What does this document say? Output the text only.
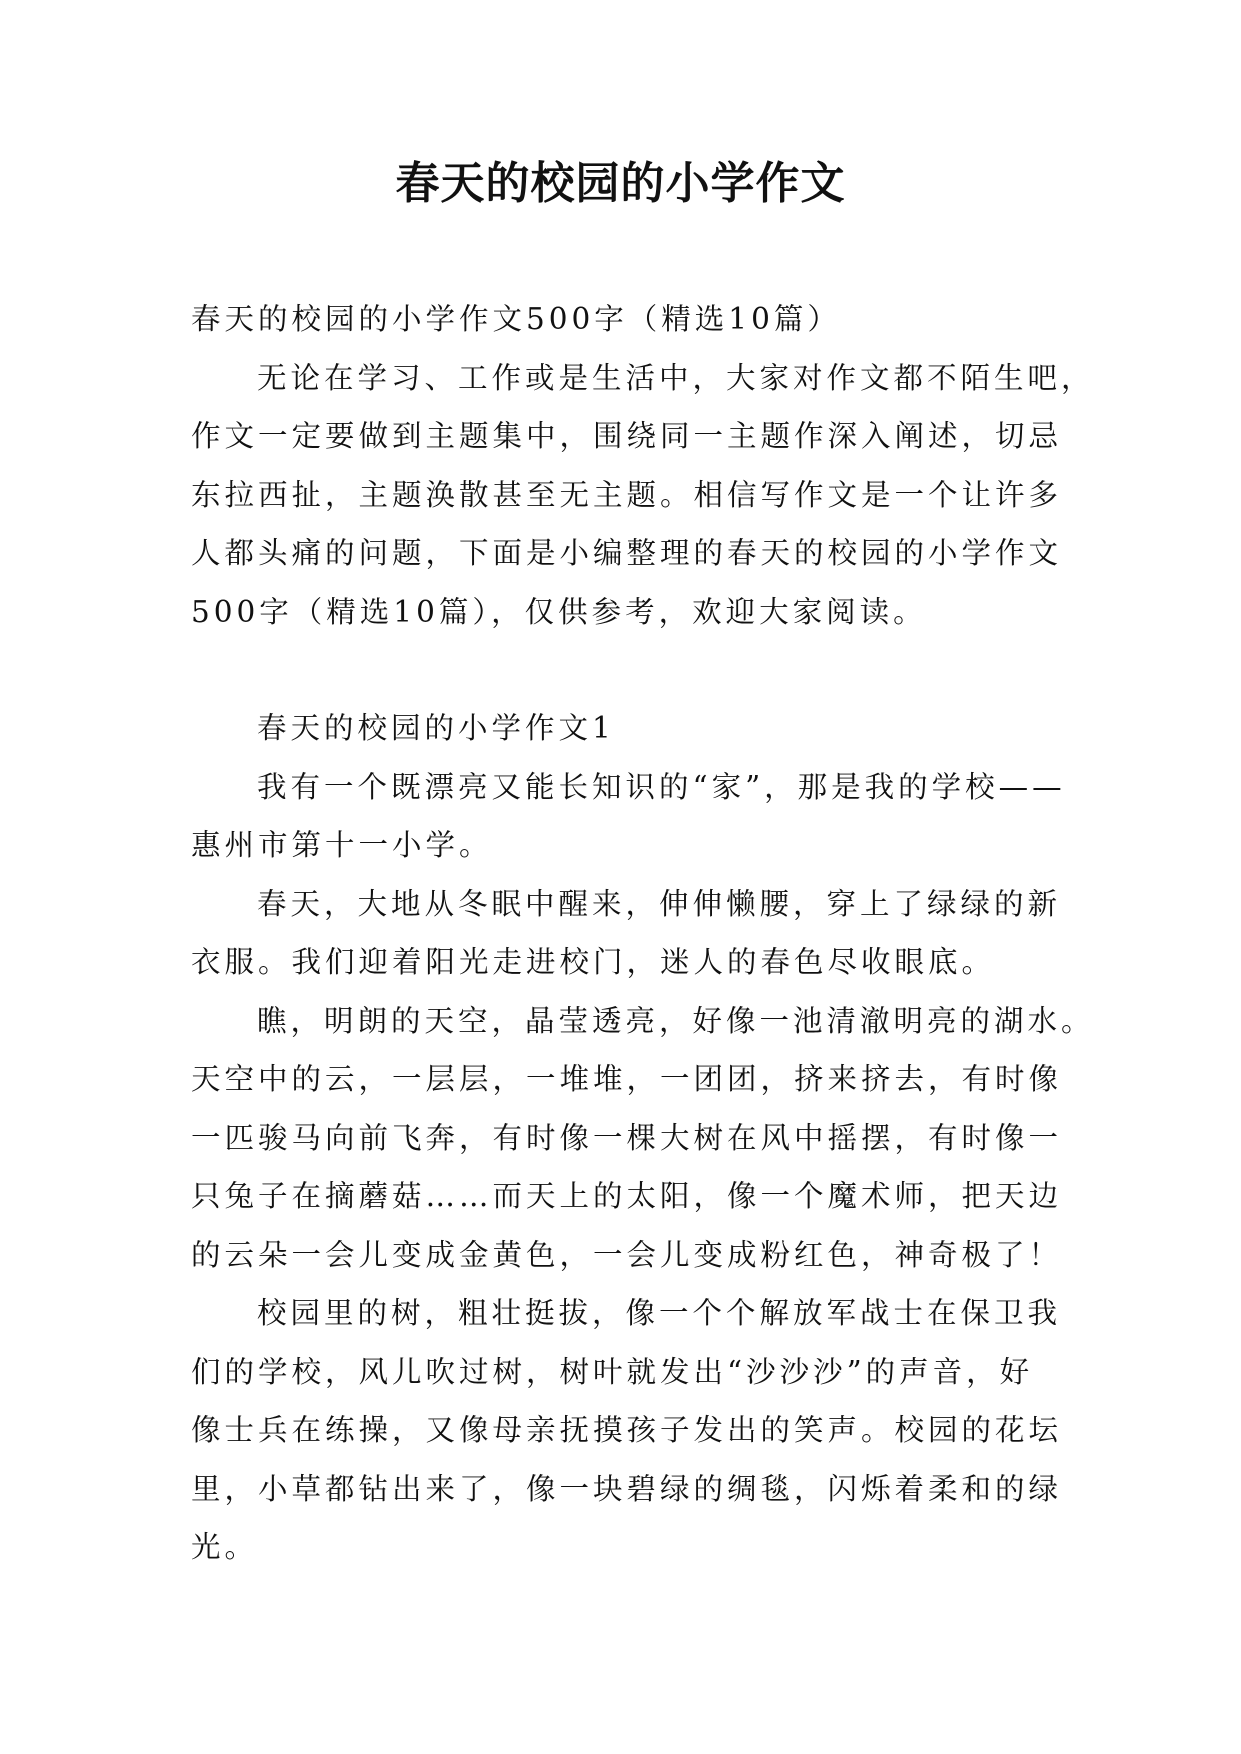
春天的校园的小学作文

春天的校园的小学作文500字（精选10篇）

无论在学习、工作或是生活中，大家对作文都不陌生吧，

作文一定要做到主题集中，围绕同一主题作深入阐述，切忌

东拉西扯，主题涣散甚至无主题。相信写作文是一个让许多

人都头痛的问题，下面是小编整理的春天的校园的小学作文

500字（精选10篇），仅供参考，欢迎大家阅读。

春天的校园的小学作文1

我有一个既漂亮又能长知识的“家”，那是我的学校——

惠州市第十一小学。

春天，大地从冬眠中醒来，伸伸懒腰，穿上了绿绿的新

衣服。我们迎着阳光走进校门，迷人的春色尽收眼底。

瞧，明朗的天空，晶莹透亮，好像一池清澈明亮的湖水。

天空中的云，一层层，一堆堆，一团团，挤来挤去，有时像

一匹骏马向前飞奔，有时像一棵大树在风中摇摆，有时像一

只兔子在摘蘑菇……而天上的太阳，像一个魔术师，把天边

的云朵一会儿变成金黄色，一会儿变成粉红色，神奇极了！

校园里的树，粗壮挺拔，像一个个解放军战士在保卫我

们的学校，风儿吹过树，树叶就发出“沙沙沙”的声音，好

像士兵在练操，又像母亲抚摸孩子发出的笑声。校园的花坛

里，小草都钻出来了，像一块碧绿的绸毯，闪烁着柔和的绿

光。
